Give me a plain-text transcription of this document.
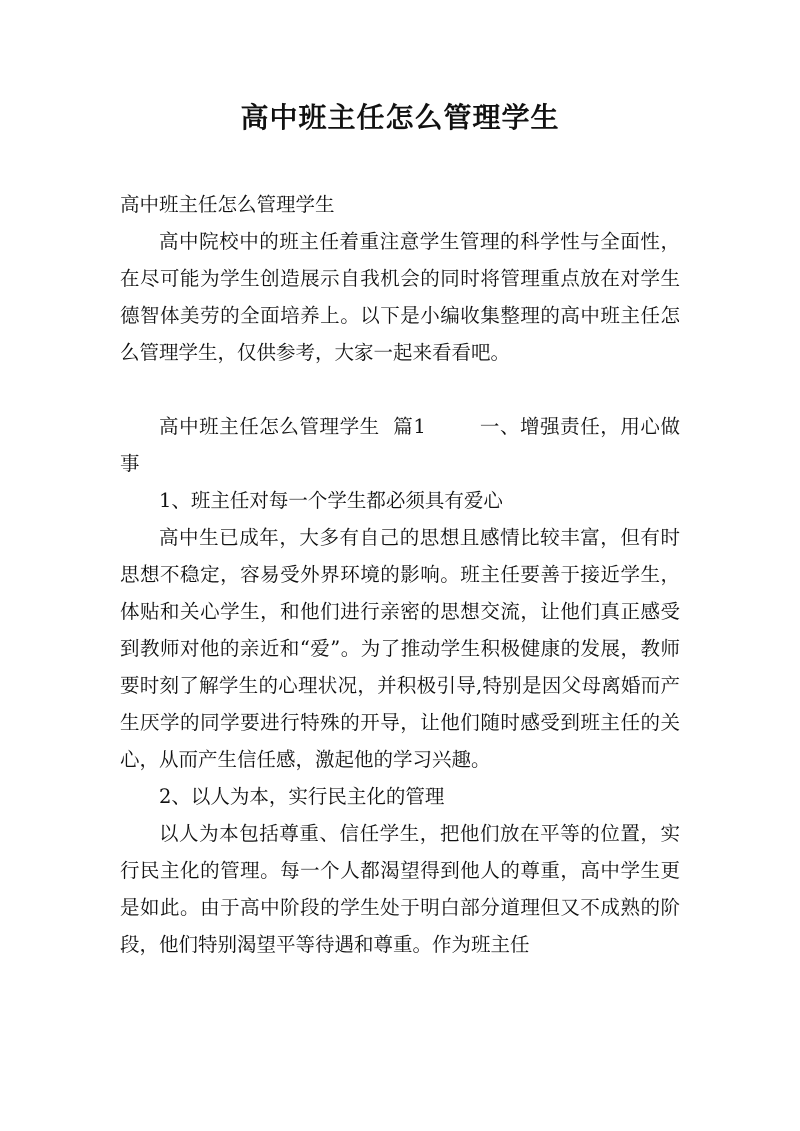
高中班主任怎么管理学生

高中班主任怎么管理学生

高中院校中的班主任着重注意学生管理的科学性与全面性，在尽可能为学生创造展示自我机会的同时将管理重点放在对学生德智体美劳的全面培养上。以下是小编收集整理的高中班主任怎么管理学生，仅供参考，大家一起来看看吧。

高中班主任怎么管理学生  篇1	一、增强责任，用心做事

1、班主任对每一个学生都必须具有爱心

高中生已成年，大多有自己的思想且感情比较丰富，但有时思想不稳定，容易受外界环境的影响。班主任要善于接近学生，体贴和关心学生，和他们进行亲密的思想交流，让他们真正感受到教师对他的亲近和“爱”。为了推动学生积极健康的发展，教师要时刻了解学生的心理状况，并积极引导,特别是因父母离婚而产生厌学的同学要进行特殊的开导，让他们随时感受到班主任的关心，从而产生信任感，激起他的学习兴趣。

2、以人为本，实行民主化的管理

以人为本包括尊重、信任学生，把他们放在平等的位置，实行民主化的管理。每一个人都渴望得到他人的尊重，高中学生更是如此。由于高中阶段的学生处于明白部分道理但又不成熟的阶段，他们特别渴望平等待遇和尊重。作为班主任
